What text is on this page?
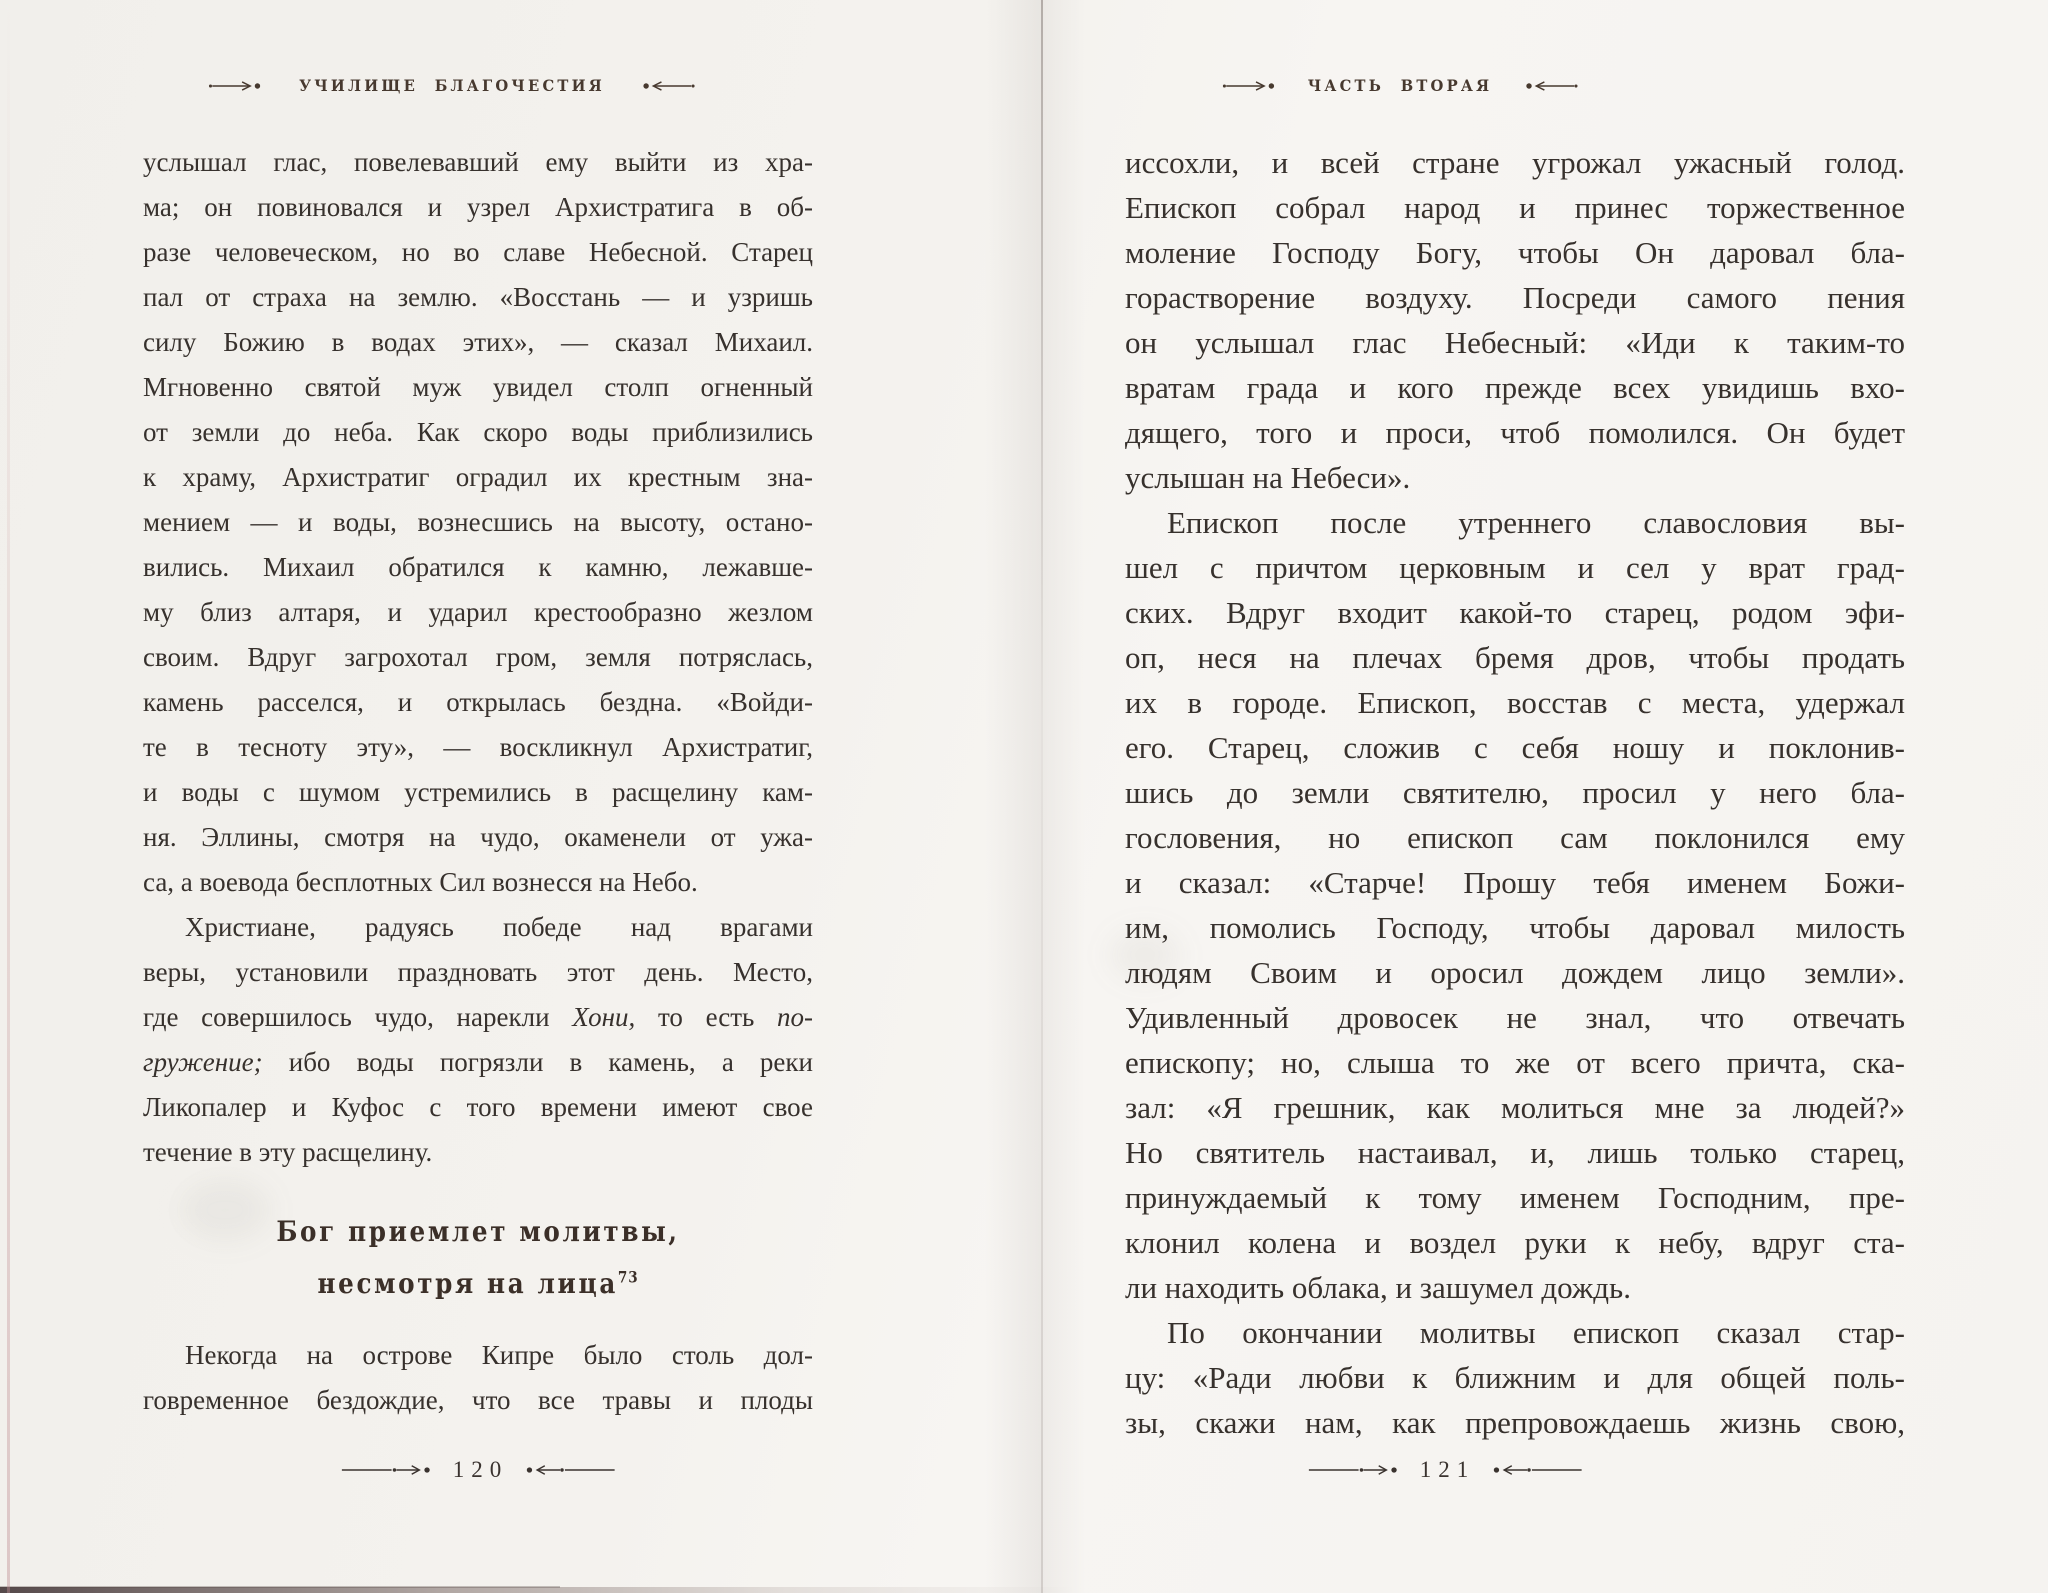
УЧИЛИЩЕ БЛАГОЧЕСТИЯ
услышал глас, повелевавший ему выйти из хра-
ма; он повиновался и узрел Архистратига в об-
разе человеческом, но во славе Небесной. Старец
пал от страха на землю. «Восстань — и узришь
силу Божию в водах этих», — сказал Михаил.
Мгновенно святой муж увидел столп огненный
от земли до неба. Как скоро воды приблизились
к храму, Архистратиг оградил их крестным зна-
мением — и воды, вознесшись на высоту, остано-
вились. Михаил обратился к камню, лежавше-
му близ алтаря, и ударил крестообразно жезлом
своим. Вдруг загрохотал гром, земля потряслась,
камень расселся, и открылась бездна. «Войди-
те в тесноту эту», — воскликнул Архистратиг,
и воды с шумом устремились в расщелину кам-
ня. Эллины, смотря на чудо, окаменели от ужа-
са, а воевода бесплотных Сил вознесся на Небо.
Христиане, радуясь победе над врагами
веры, установили праздновать этот день. Место,
где совершилось чудо, нарекли Хони, то есть по-
гружение; ибо воды погрязли в камень, а реки
Ликопалер и Куфос с того времени имеют свое
течение в эту расщелину.
Бог приемлет молитвы,
несмотря на лица$^{73}$
Некогда на острове Кипре было столь дол-
говременное бездождие, что все травы и плоды
120
ЧАСТЬ ВТОРАЯ
иссохли, и всей стране угрожал ужасный голод.
Епископ собрал народ и принес торжественное
моление Господу Богу, чтобы Он даровал бла-
горастворение воздуху. Посреди самого пения
он услышал глас Небесный: «Иди к таким-то
вратам града и кого прежде всех увидишь вхо-
дящего, того и проси, чтоб помолился. Он будет
услышан на Небеси».
Епископ после утреннего славословия вы-
шел с причтом церковным и сел у врат град-
ских. Вдруг входит какой-то старец, родом эфи-
оп, неся на плечах бремя дров, чтобы продать
их в городе. Епископ, восстав с места, удержал
его. Старец, сложив с себя ношу и поклонив-
шись до земли святителю, просил у него бла-
гословения, но епископ сам поклонился ему
и сказал: «Старче! Прошу тебя именем Божи-
им, помолись Господу, чтобы даровал милость
людям Своим и оросил дождем лицо земли».
Удивленный дровосек не знал, что отвечать
епископу; но, слыша то же от всего причта, ска-
зал: «Я грешник, как молиться мне за людей?»
Но святитель настаивал, и, лишь только старец,
принуждаемый к тому именем Господним, пре-
клонил колена и воздел руки к небу, вдруг ста-
ли находить облака, и зашумел дождь.
По окончании молитвы епископ сказал стар-
цу: «Ради любви к ближним и для общей поль-
зы, скажи нам, как препровождаешь жизнь свою,
121
